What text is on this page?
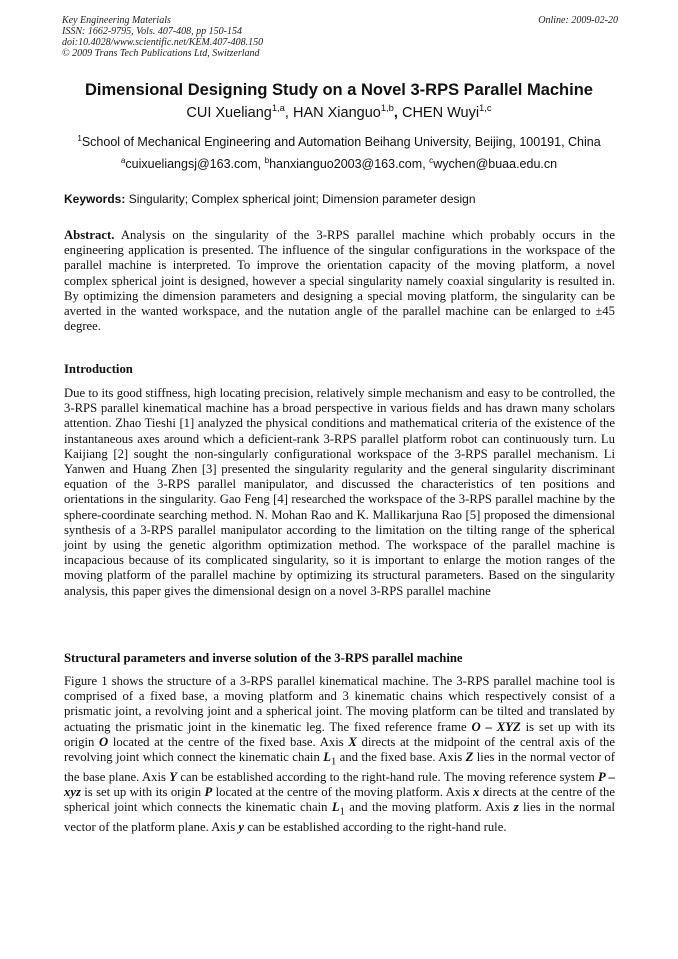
Key Engineering Materials
ISSN: 1662-9795, Vols. 407-408, pp 150-154
doi:10.4028/www.scientific.net/KEM.407-408.150
© 2009 Trans Tech Publications Ltd, Switzerland
Online: 2009-02-20
Dimensional Designing Study on a Novel 3-RPS Parallel Machine
CUI Xueliang$^{1,a}$, HAN Xianguo$^{1,b}$, CHEN Wuyi$^{1,c}$
$^1$School of Mechanical Engineering and Automation Beihang University, Beijing, 100191, China
$^a$cuixueliangsj@163.com, $^b$hanxianguo2003@163.com, $^c$wychen@buaa.edu.cn
Keywords: Singularity; Complex spherical joint; Dimension parameter design

Abstract. Analysis on the singularity of the 3-RPS parallel machine which probably occurs in the engineering application is presented. The influence of the singular configurations in the workspace of the parallel machine is interpreted. To improve the orientation capacity of the moving platform, a novel complex spherical joint is designed, however a special singularity namely coaxial singularity is resulted in. By optimizing the dimension parameters and designing a special moving platform, the singularity can be averted in the wanted workspace, and the nutation angle of the parallel machine can be enlarged to ±45 degree.

Introduction

Due to its good stiffness, high locating precision, relatively simple mechanism and easy to be controlled, the 3-RPS parallel kinematical machine has a broad perspective in various fields and has drawn many scholars attention. Zhao Tieshi [1] analyzed the physical conditions and mathematical criteria of the existence of the instantaneous axes around which a deficient-rank 3-RPS parallel platform robot can continuously turn. Lu Kaijiang [2] sought the non-singularly configurational workspace of the 3-RPS parallel mechanism. Li Yanwen and Huang Zhen [3] presented the singularity regularity and the general singularity discriminant equation of the 3-RPS parallel manipulator, and discussed the characteristics of ten positions and orientations in the singularity. Gao Feng [4] researched the workspace of the 3-RPS parallel machine by the sphere-coordinate searching method. N. Mohan Rao and K. Mallikarjuna Rao [5] proposed the dimensional synthesis of a 3-RPS parallel manipulator according to the limitation on the tilting range of the spherical joint by using the genetic algorithm optimization method. The workspace of the parallel machine is incapacious because of its complicated singularity, so it is important to enlarge the motion ranges of the moving platform of the parallel machine by optimizing its structural parameters. Based on the singularity analysis, this paper gives the dimensional design on a novel 3-RPS parallel machine

Structural parameters and inverse solution of the 3-RPS parallel machine

Figure 1 shows the structure of a 3-RPS parallel kinematical machine. The 3-RPS parallel machine tool is comprised of a fixed base, a moving platform and 3 kinematic chains which respectively consist of a prismatic joint, a revolving joint and a spherical joint. The moving platform can be tilted and translated by actuating the prismatic joint in the kinematic leg. The fixed reference frame O – XYZ is set up with its origin O located at the centre of the fixed base. Axis X directs at the midpoint of the central axis of the revolving joint which connect the kinematic chain $L_1$ and the fixed base. Axis Z lies in the normal vector of the base plane. Axis Y can be established according to the right-hand rule. The moving reference system P – xyz is set up with its origin P located at the centre of the moving platform. Axis x directs at the centre of the spherical joint which connects the kinematic chain $L_1$ and the moving platform. Axis z lies in the normal vector of the platform plane. Axis y can be established according to the right-hand rule.
